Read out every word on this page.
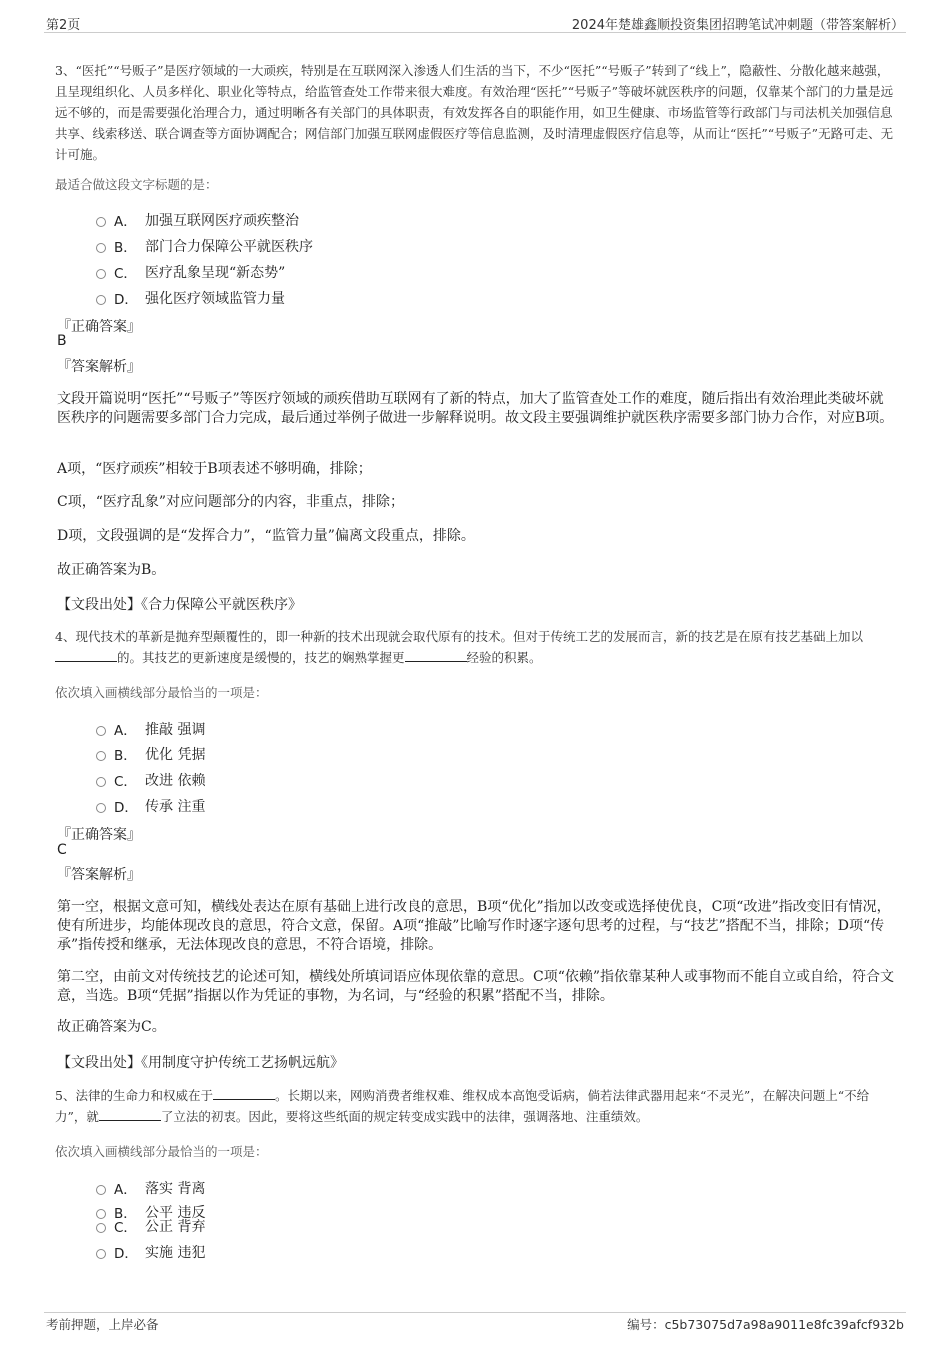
第2页	2024年楚雄鑫顺投资集团招聘笔试冲刺题（带答案解析）
3、“医托”“号贩子”是医疗领域的一大顽疾，特别是在互联网深入渗透人们生活的当下，不少“医托”“号贩子”转到了“线上”，隐蔽性、分散化越来越强，且呈现组织化、人员多样化、职业化等特点，给监管查处工作带来很大难度。有效治理“医托”“号贩子”等破坏就医秩序的问题，仅靠某个部门的力量是远远不够的，而是需要强化治理合力，通过明晰各有关部门的具体职责，有效发挥各自的职能作用，如卫生健康、市场监管等行政部门与司法机关加强信息共享、线索移送、联合调查等方面协调配合；网信部门加强互联网虚假医疗等信息监测，及时清理虚假医疗信息等，从而让“医托”“号贩子”无路可走、无计可施。
最适合做这段文字标题的是：
A． 加强互联网医疗顽疾整治
B． 部门合力保障公平就医秩序
C． 医疗乱象呈现“新态势”
D． 强化医疗领域监管力量
『正确答案』
B
『答案解析』
文段开篇说明“医托”“号贩子”等医疗领域的顽疾借助互联网有了新的特点，加大了监管查处工作的难度，随后指出有效治理此类破坏就医秩序的问题需要多部门合力完成，最后通过举例子做进一步解释说明。故文段主要强调维护就医秩序需要多部门协力合作，对应B项。
A项，“医疗顽疾”相较于B项表述不够明确，排除；
C项，“医疗乱象”对应问题部分的内容，非重点，排除；
D项，文段强调的是“发挥合力”，“监管力量”偏离文段重点，排除。
故正确答案为B。
【文段出处】《合力保障公平就医秩序》
4、现代技术的革新是抛弃型颠覆性的，即一种新的技术出现就会取代原有的技术。但对于传统工艺的发展而言，新的技艺是在原有技艺基础上加以的。其技艺的更新速度是缓慢的，技艺的娴熟掌握更	经验的积累。
依次填入画横线部分最恰当的一项是：
A． 推敲 强调
B． 优化 凭据
C． 改进 依赖
D． 传承 注重
『正确答案』
C
『答案解析』
第一空，根据文意可知，横线处表达在原有基础上进行改良的意思，B项“优化”指加以改变或选择使优良，C项“改进”指改变旧有情况，使有所进步，均能体现改良的意思，符合文意，保留。A项“推敲”比喻写作时逐字逐句思考的过程，与“技艺”搭配不当，排除；D项“传承”指传授和继承，无法体现改良的意思，不符合语境，排除。
第二空，由前文对传统技艺的论述可知，横线处所填词语应体现依靠的意思。C项“依赖”指依靠某种人或事物而不能自立或自给，符合文意，当选。B项“凭据”指据以作为凭证的事物，为名词，与“经验的积累”搭配不当，排除。
故正确答案为C。
【文段出处】《用制度守护传统工艺扬帆远航》
5、法律的生命力和权威在于	。长期以来，网购消费者维权难、维权成本高饱受诟病，倘若法律武器用起来“不灵光”，在解决问题上“不给力”，就	了立法的初衷。因此，要将这些纸面的规定转变成实践中的法律，强调落地、注重绩效。
依次填入画横线部分最恰当的一项是：
A． 落实 背离
B． 公平 违反
C． 公正 背弃
D． 实施 违犯
考前押题，上岸必备	编号：c5b73075d7a98a9011e8fc39afcf932b
